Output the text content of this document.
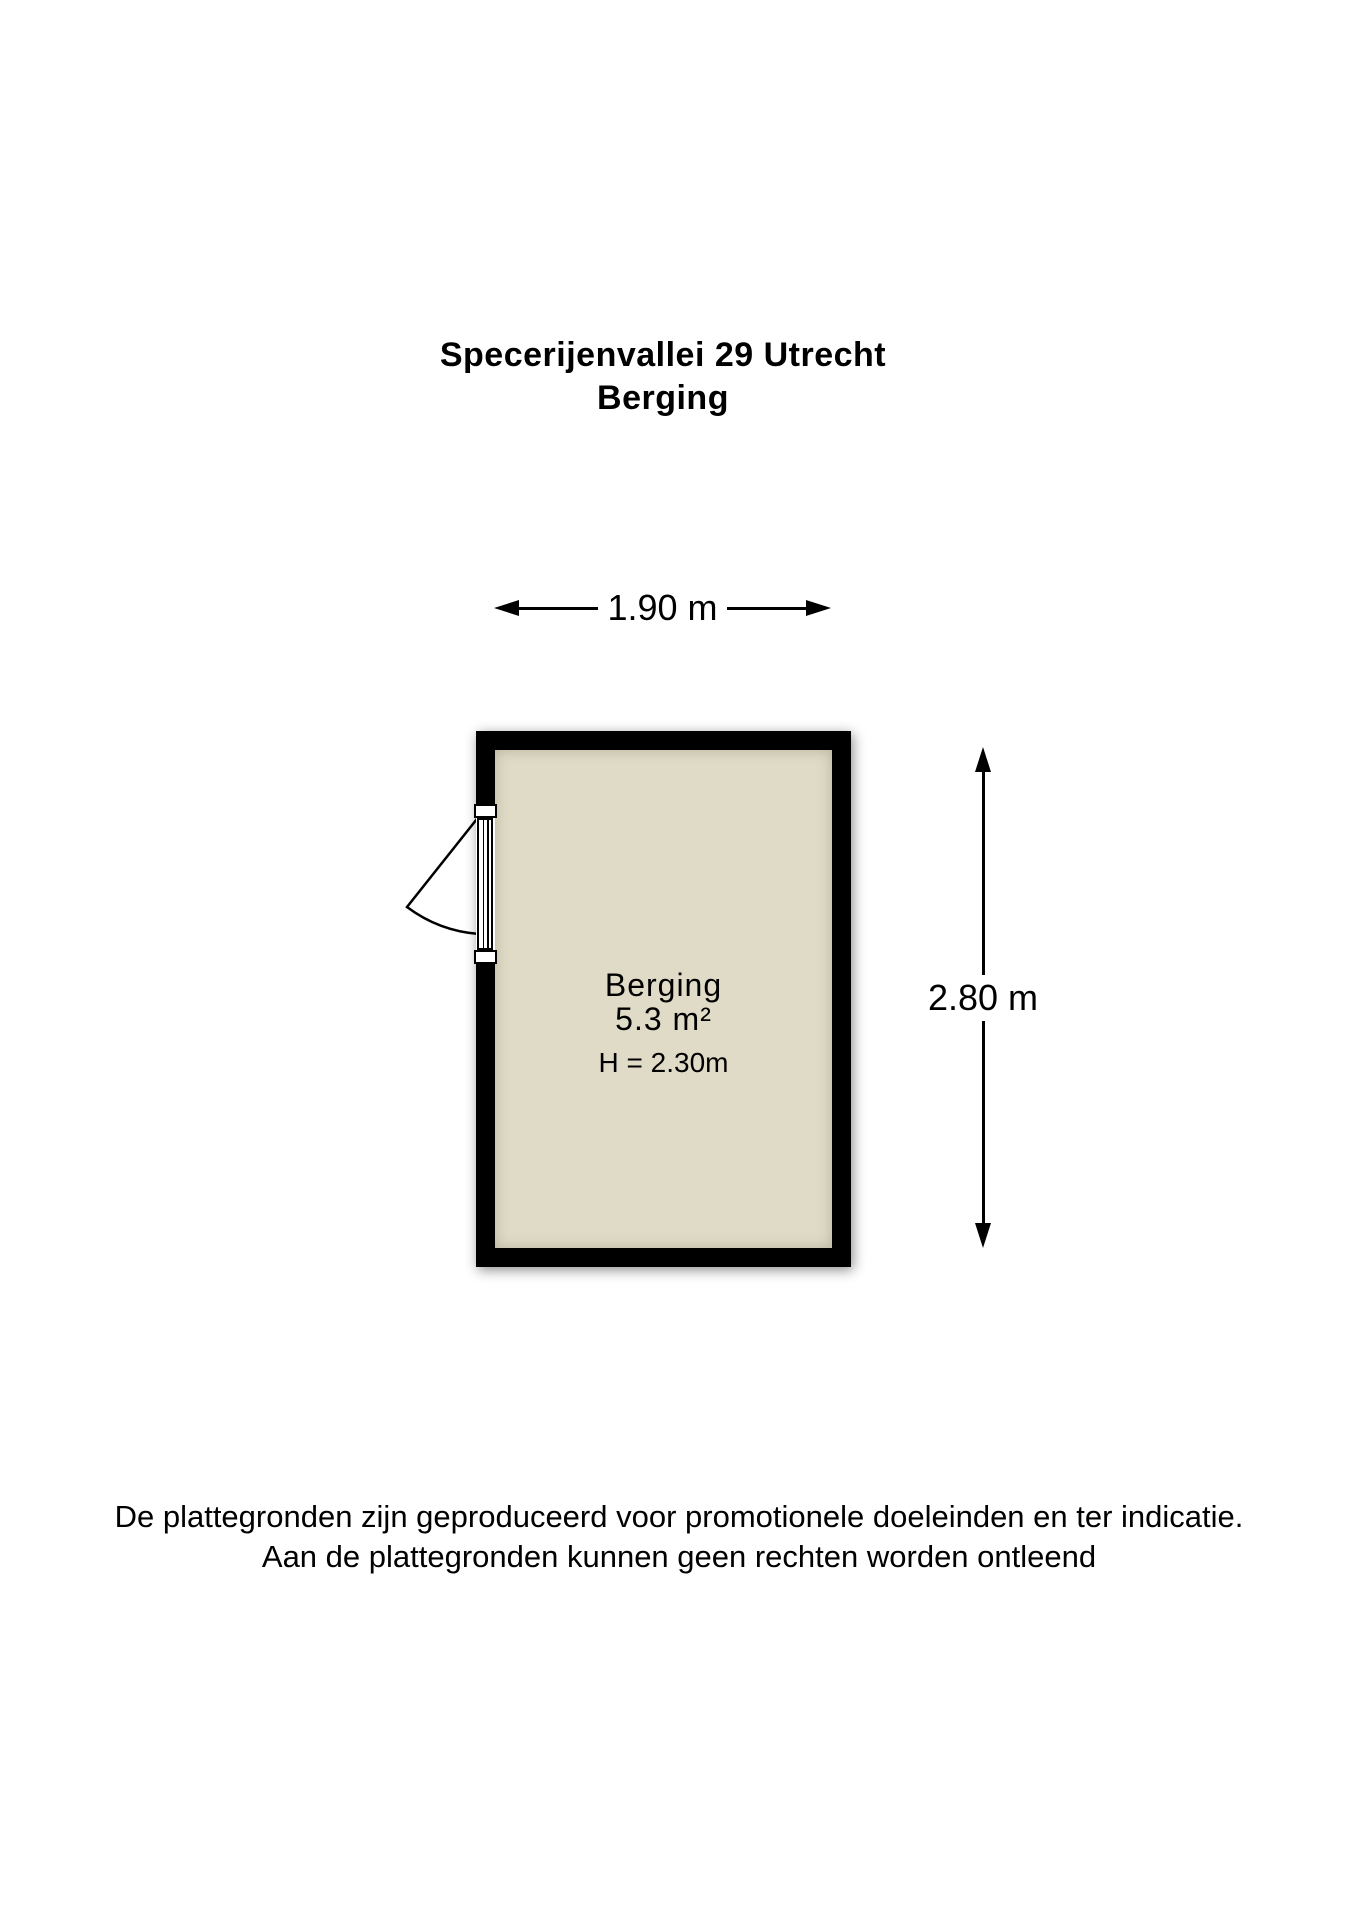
Specerijenvallei 29 Utrecht
Berging
1.90 m
2.80 m
Berging
5.3 m²
H = 2.30m
De plattegronden zijn geproduceerd voor promotionele doeleinden en ter indicatie.
Aan de plattegronden kunnen geen rechten worden ontleend
